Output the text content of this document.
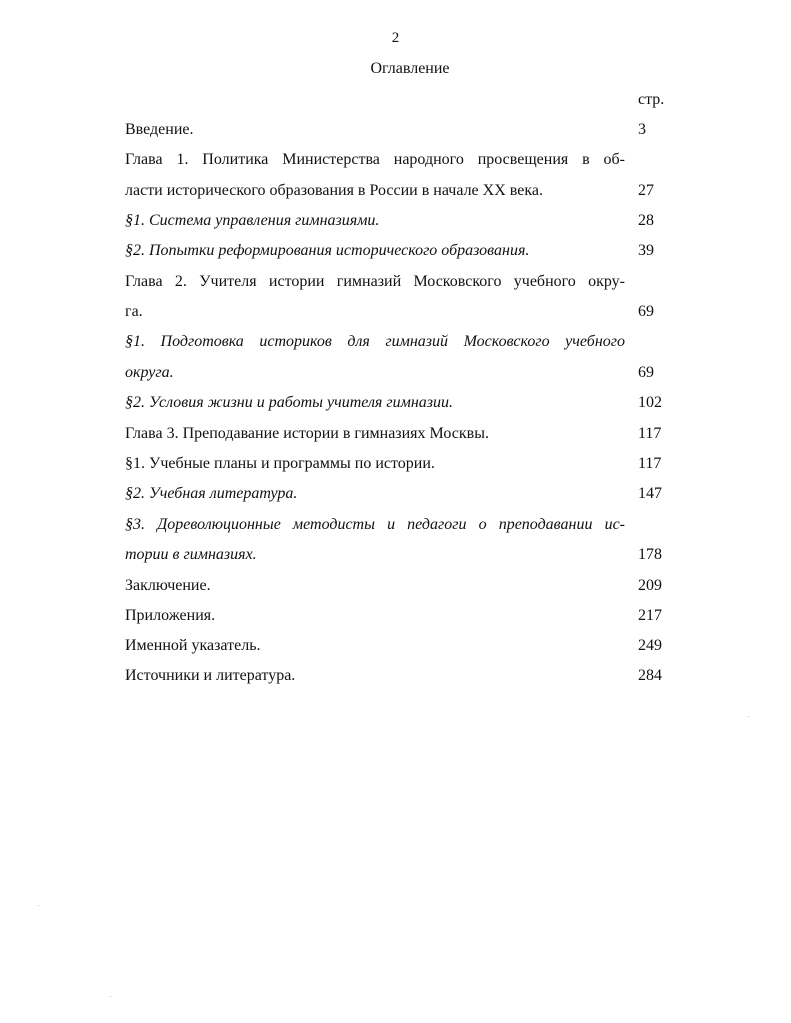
2
Оглавление
стр.
Введение.	3
Глава 1. Политика Министерства народного просвещения в об-
ласти исторического образования в России в начале XX века.	27
§1. Система управления гимназиями.	28
§2. Попытки реформирования исторического образования.	39
Глава 2. Учителя истории гимназий Московского учебного окру-
га.	69
§1. Подготовка историков для гимназий Московского учебного
округа.	69
§2. Условия жизни и работы учителя гимназии.	102
Глава 3. Преподавание истории в гимназиях Москвы.	117
§1. Учебные планы и программы по истории.	117
§2. Учебная литература.	147
§3. Дореволюционные методисты и педагоги о преподавании ис-
тории в гимназиях.	178
Заключение.	209
Приложения.	217
Именной указатель.	249
Источники и литература.	284
